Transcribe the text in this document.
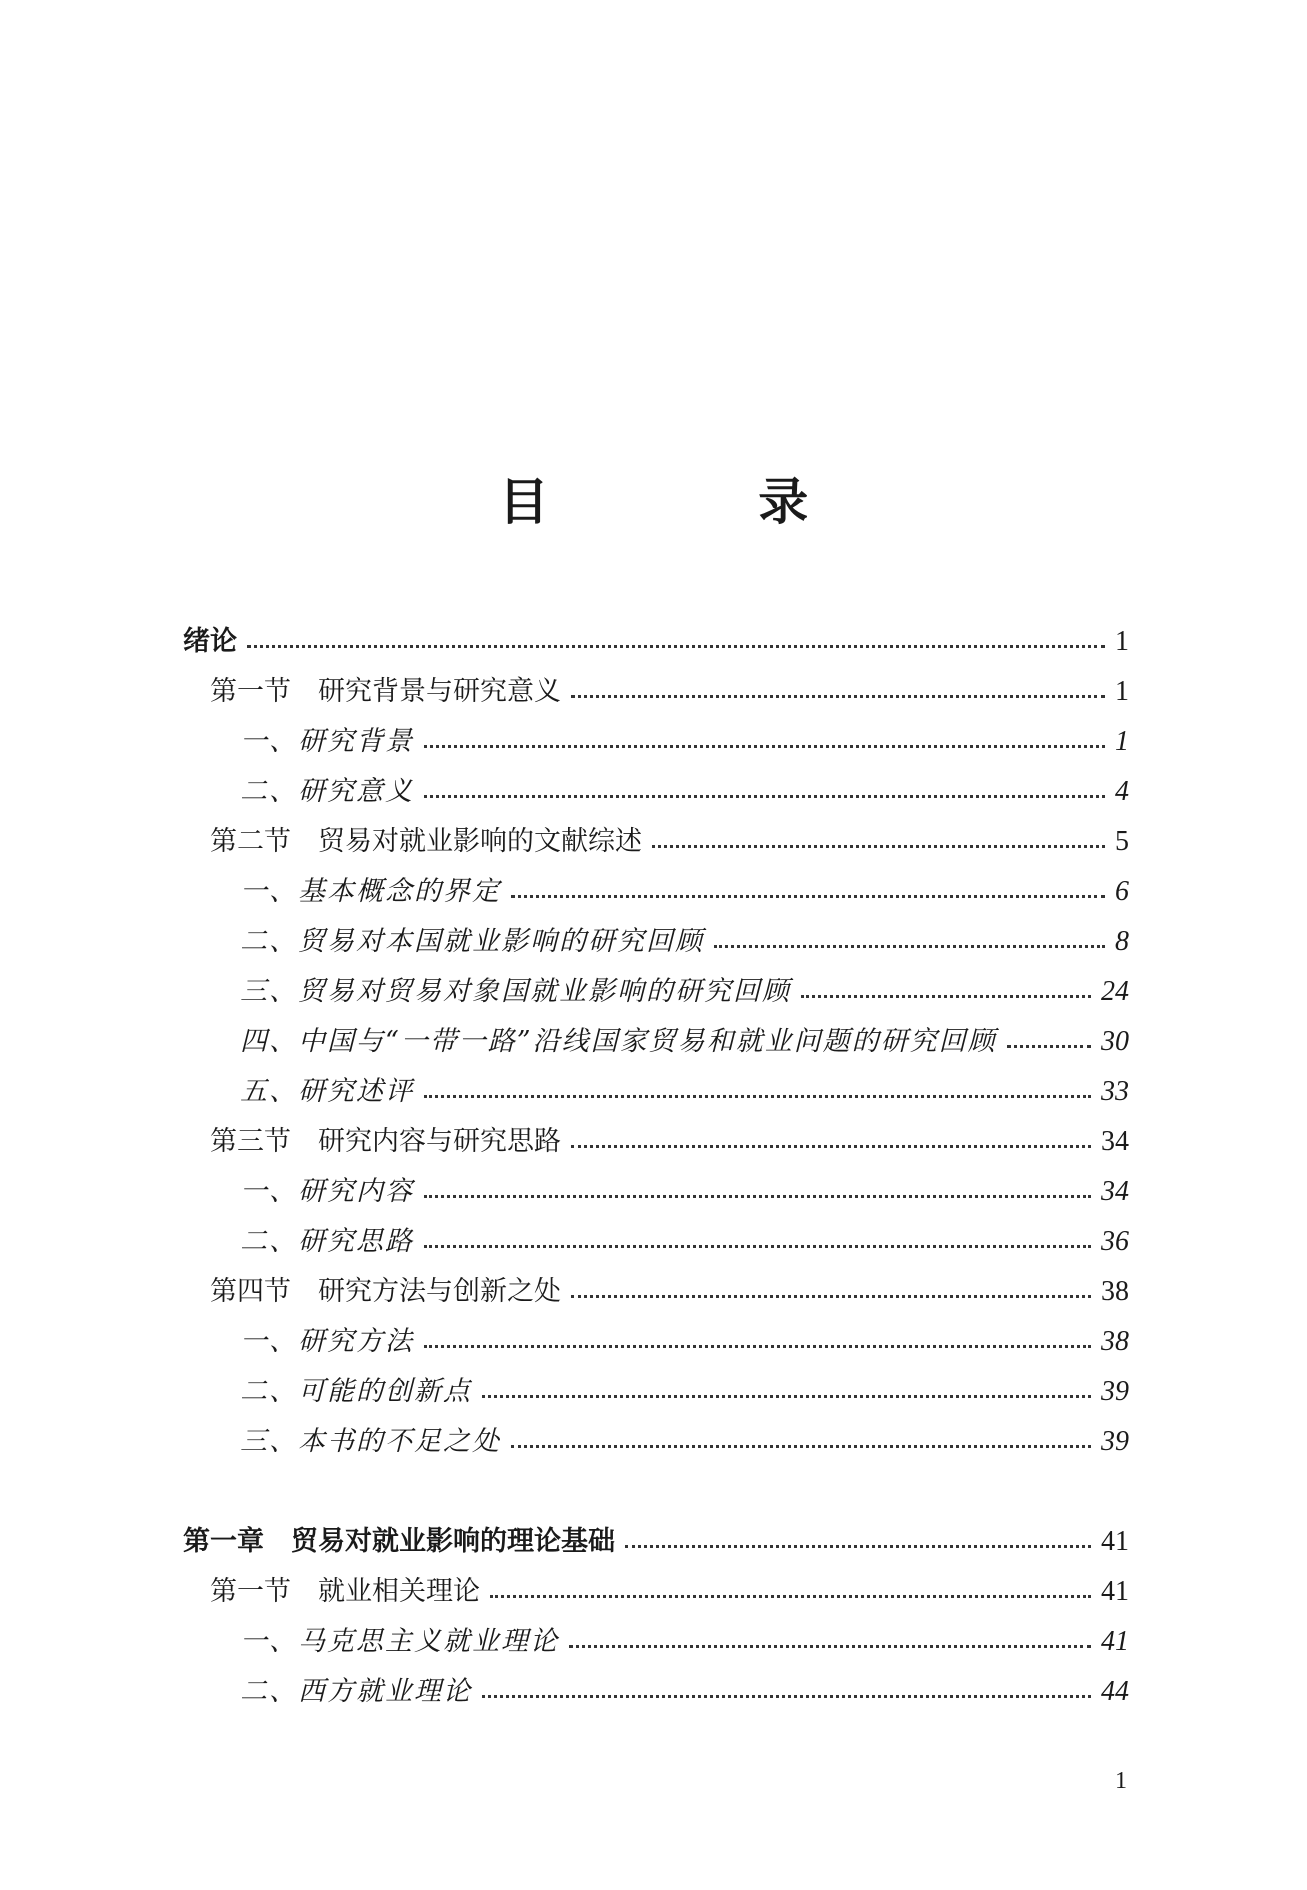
目 录
绪论	1
第一节　研究背景与研究意义	1
一、研究背景	1
二、研究意义	4
第二节　贸易对就业影响的文献综述	5
一、基本概念的界定	6
二、贸易对本国就业影响的研究回顾	8
三、贸易对贸易对象国就业影响的研究回顾	24
四、中国与“一带一路”沿线国家贸易和就业问题的研究回顾	30
五、研究述评	33
第三节　研究内容与研究思路	34
一、研究内容	34
二、研究思路	36
第四节　研究方法与创新之处	38
一、研究方法	38
二、可能的创新点	39
三、本书的不足之处	39
第一章　贸易对就业影响的理论基础	41
第一节　就业相关理论	41
一、马克思主义就业理论	41
二、西方就业理论	44
1
